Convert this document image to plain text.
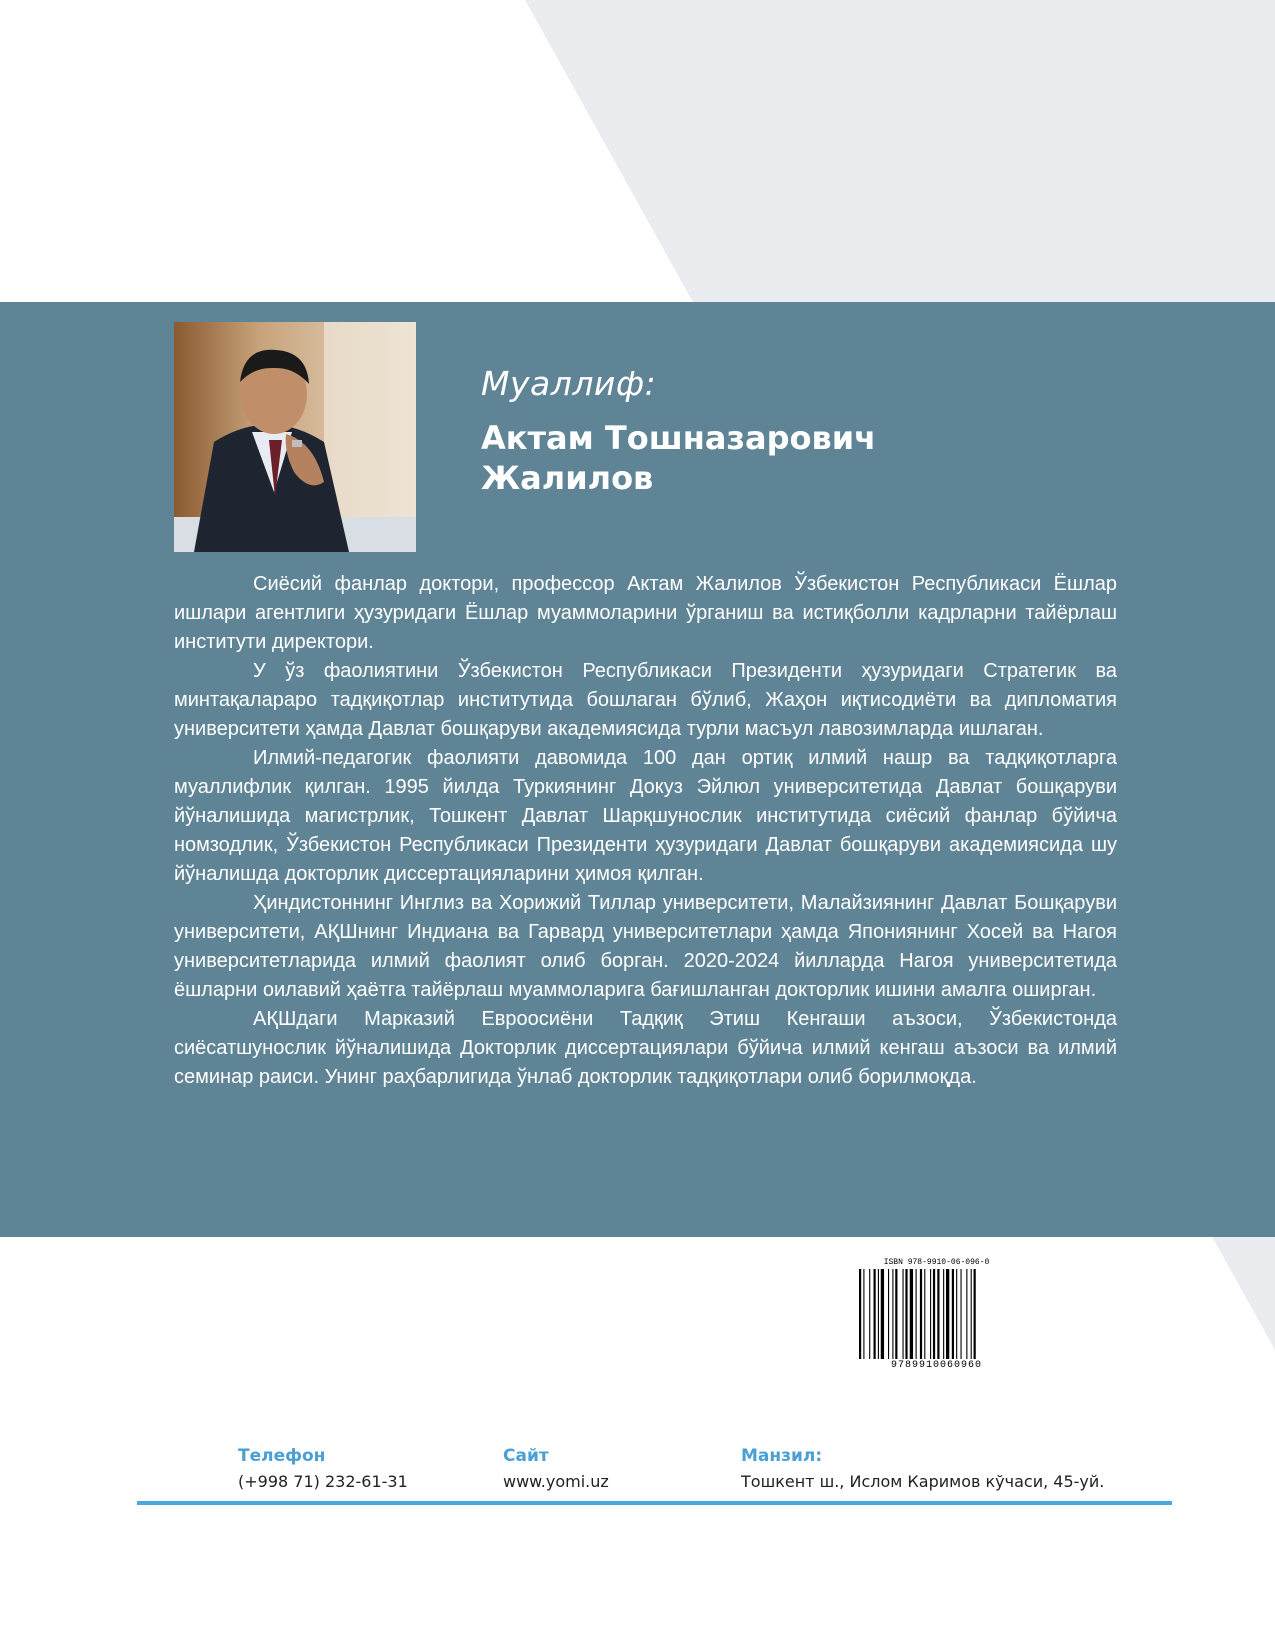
Муаллиф:
Актам Тошназарович
Жалилов

Сиёсий фанлар доктори, профессор Актам Жалилов Ўзбекистон Республикаси Ёшлар ишлари агентлиги ҳузуридаги Ёшлар муаммоларини ўрганиш ва истиқболли кадрларни тайёрлаш институти директори.

У ўз фаолиятини Ўзбекистон Республикаси Президенти ҳузуридаги Стратегик ва минтақалараро тадқиқотлар институтида бошлаган бўлиб, Жаҳон иқтисодиёти ва дипломатия университети ҳамда Давлат бошқаруви академиясида турли масъул лавозимларда ишлаган.

Илмий-педагогик фаолияти давомида 100 дан ортиқ илмий нашр ва тадқиқотларга муаллифлик қилган. 1995 йилда Туркиянинг Докуз Эйлюл университетида Давлат бошқаруви йўналишида магистрлик, Тошкент Давлат Шарқшунослик институтида сиёсий фанлар бўйича номзодлик, Ўзбекистон Республикаси Президенти ҳузуридаги Давлат бошқаруви академиясида шу йўналишда докторлик диссертацияларини ҳимоя қилган.

Ҳиндистоннинг Инглиз ва Хорижий Тиллар университети, Малайзиянинг Давлат Бошқаруви университети, АҚШнинг Индиана ва Гарвард университетлари ҳамда Япониянинг Хосей ва Нагоя университетларида илмий фаолият олиб борган. 2020-2024 йилларда Нагоя университетида ёшларни оилавий ҳаётга тайёрлаш муаммоларига бағишланган докторлик ишини амалга оширган.

АҚШдаги Марказий Евроосиёни Тадқиқ Этиш Кенгаши аъзоси, Ўзбекистонда сиёсатшунослик йўналишида Докторлик диссертациялари бўйича илмий кенгаш аъзоси ва илмий семинар раиси. Унинг раҳбарлигида ўнлаб докторлик тадқиқотлари олиб борилмоқда.

ISBN 978-9910-06-096-0
9789910060960
Телефон
(+998 71) 232-61-31
Сайт
www.yomi.uz
Манзил:
Тошкент ш., Ислом Каримов кўчаси, 45-уй.
